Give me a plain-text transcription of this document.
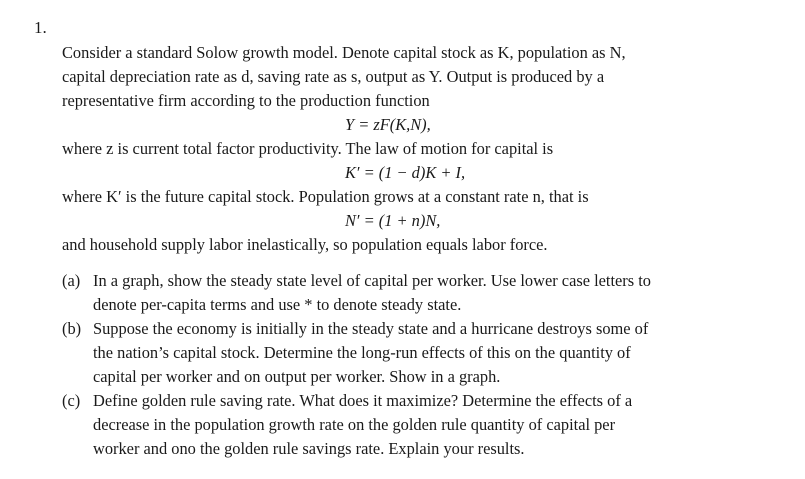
1.
Consider a standard Solow growth model. Denote capital stock as K, population as N,
capital depreciation rate as d, saving rate as s, output as Y. Output is produced by a
representative firm according to the production function
Y = zF(K,N),
where z is current total factor productivity. The law of motion for capital is
K′ = (1 − d)K + I,
where K′ is the future capital stock. Population grows at a constant rate n, that is
N′ = (1 + n)N,
and household supply labor inelastically, so population equals labor force.
(a) In a graph, show the steady state level of capital per worker. Use lower case letters to
denote per-capita terms and use * to denote steady state.
(b) Suppose the economy is initially in the steady state and a hurricane destroys some of
the nation’s capital stock. Determine the long-run effects of this on the quantity of
capital per worker and on output per worker. Show in a graph.
(c) Define golden rule saving rate. What does it maximize? Determine the effects of a
decrease in the population growth rate on the golden rule quantity of capital per
worker and ono the golden rule savings rate. Explain your results.
